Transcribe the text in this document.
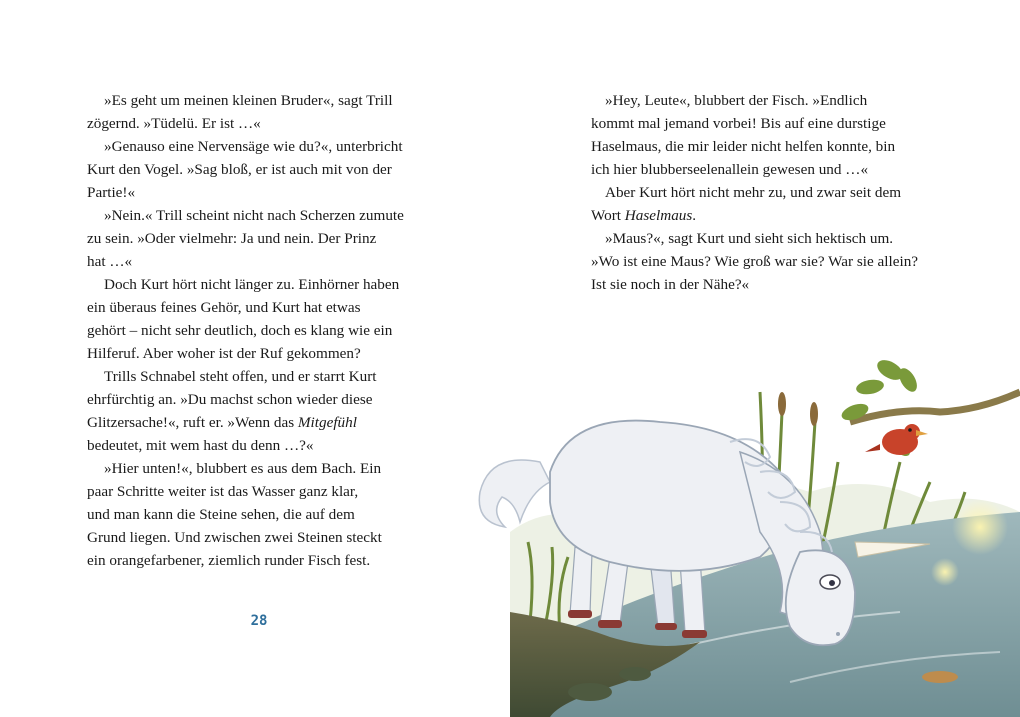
»Es geht um meinen kleinen Bruder«, sagt Trill
zögernd. »Tüdelü. Er ist …«
»Genauso eine Nervensäge wie du?«, unterbricht
Kurt den Vogel. »Sag bloß, er ist auch mit von der
Partie!«
»Nein.« Trill scheint nicht nach Scherzen zumute
zu sein. »Oder vielmehr: Ja und nein. Der Prinz
hat …«
Doch Kurt hört nicht länger zu. Einhörner haben
ein überaus feines Gehör, und Kurt hat etwas
gehört – nicht sehr deutlich, doch es klang wie ein
Hilferuf. Aber woher ist der Ruf gekommen?
Trills Schnabel steht offen, und er starrt Kurt
ehrfürchtig an. »Du machst schon wieder diese
Glitzersache!«, ruft er. »Wenn das Mitgefühl
bedeutet, mit wem hast du denn …?«
»Hier unten!«, blubbert es aus dem Bach. Ein
paar Schritte weiter ist das Wasser ganz klar,
und man kann die Steine sehen, die auf dem
Grund liegen. Und zwischen zwei Steinen steckt
ein orangefarbener, ziemlich runder Fisch fest.
28
»Hey, Leute«, blubbert der Fisch. »Endlich
kommt mal jemand vorbei! Bis auf eine durstige
Haselmaus, die mir leider nicht helfen konnte, bin
ich hier blubberseelenallein gewesen und …«
Aber Kurt hört nicht mehr zu, und zwar seit dem
Wort Haselmaus.
»Maus?«, sagt Kurt und sieht sich hektisch um.
»Wo ist eine Maus? Wie groß war sie? War sie allein?
Ist sie noch in der Nähe?«
